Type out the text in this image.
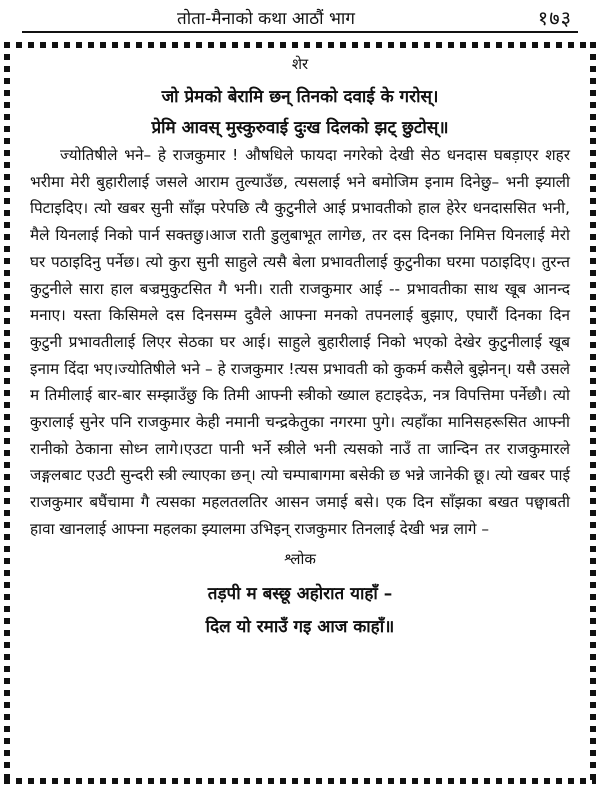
तोता-मैनाको कथा आठौं भाग	१७३

शेर

जो प्रेमको बेरामि छन् तिनको दवाई के गरोस्।

प्रेमि आवस् मुस्कुरुवाई दुःख दिलको झट् छुटोस्॥

ज्योतिषीले भने– हे राजकुमार ! औषधिले फायदा नगरेको देखी सेठ धनदास घबड़ाएर शहर भरीमा मेरी बुहारीलाई जसले आराम तुल्याउँछ, त्यसलाई भने बमोजिम इनाम दिनेछु– भनी झ्याली पिटाइदिए। त्यो खबर सुनी साँझ परेपछि त्यै कुटुनीले आई प्रभावतीको हाल हेरेर धनदाससित भनी, मैले यिनलाई निको पार्न सक्तछु।आज राती डुलुबाभूत लागेछ, तर दस दिनका निमित्त यिनलाई मेरो घर पठाइदिनु पर्नेछ। त्यो कुरा सुनी साहुले त्यसै बेला प्रभावतीलाई कुटुनीका घरमा पठाइदिए। तुरन्त कुटुनीले सारा हाल बज्रमुकुटसित गै भनी। राती राजकुमार आई -- प्रभावतीका साथ खूब आनन्द मनाए। यस्ता किसिमले दस दिनसम्म दुवैले आफ्ना मनको तपनलाई बुझाए, एघारौं दिनका दिन कुटुनी प्रभावतीलाई लिएर सेठका घर आई। साहुले बुहारीलाई निको भएको देखेर कुटुनीलाई खूब इनाम दिंदा भए।ज्योतिषीले भने – हे राजकुमार !त्यस प्रभावती को कुकर्म कसैले बुझेनन्। यसै उसले म तिमीलाई बार-बार सम्झाउँछु कि तिमी आफ्नी स्त्रीको ख्याल हटाइदेऊ, नत्र विपत्तिमा पर्नेछौ। त्यो कुरालाई सुनेर पनि राजकुमार केही नमानी चन्द्रकेतुका नगरमा पुगे। त्यहाँका मानिसहरूसित आफ्नी रानीको ठेकाना सोध्न लागे।एउटा पानी भर्ने स्त्रीले भनी त्यसको नाउँ ता जान्दिन तर राजकुमारले जङ्गलबाट एउटी सुन्दरी स्त्री ल्याएका छन्। त्यो चम्पाबागमा बसेकी छ भन्ने जानेकी छू। त्यो खबर पाई राजकुमार बघैंचामा गै त्यसका महलतलतिर आसन जमाई बसे। एक दिन साँझका बखत पछ्वाबती हावा खानलाई आफ्ना महलका झ्यालमा उभिइन् राजकुमार तिनलाई देखी भन्न लागे –

श्लोक

तड़पी म बस्छू अहोरात याहाँ –

दिल यो रमाउँ गइ आज काहाँ॥
